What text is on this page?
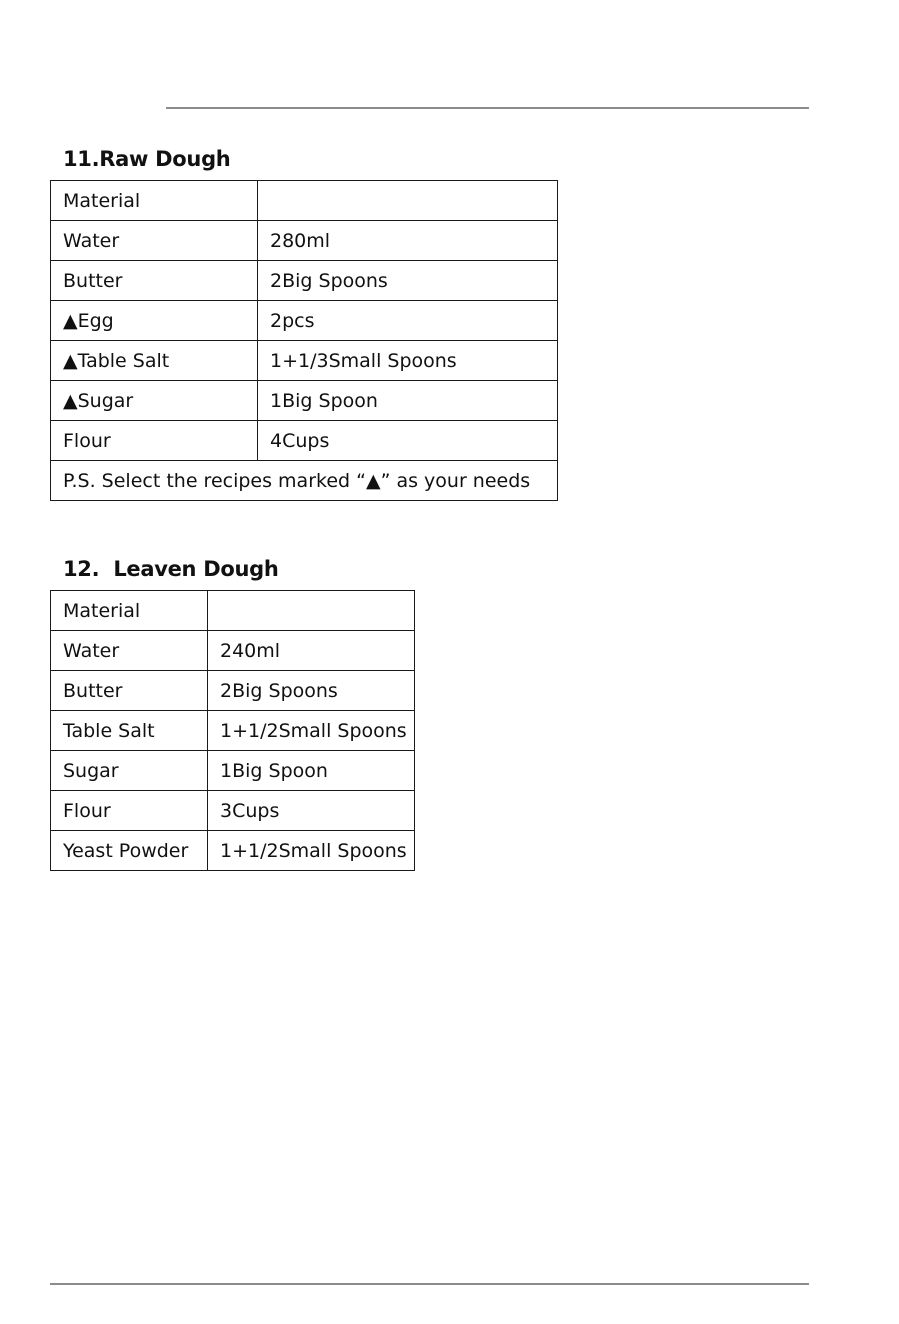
11.Raw Dough
Material	
Water	280ml
Butter	2Big Spoons
▲Egg	2pcs
▲Table Salt	1+1/3Small Spoons
▲Sugar	1Big Spoon
Flour	4Cups
P.S. Select the recipes marked “▲” as your needs	
12.  Leaven Dough
Material	
Water	240ml
Butter	2Big Spoons
Table Salt	1+1/2Small Spoons
Sugar	1Big Spoon
Flour	3Cups
Yeast Powder	1+1/2Small Spoons
